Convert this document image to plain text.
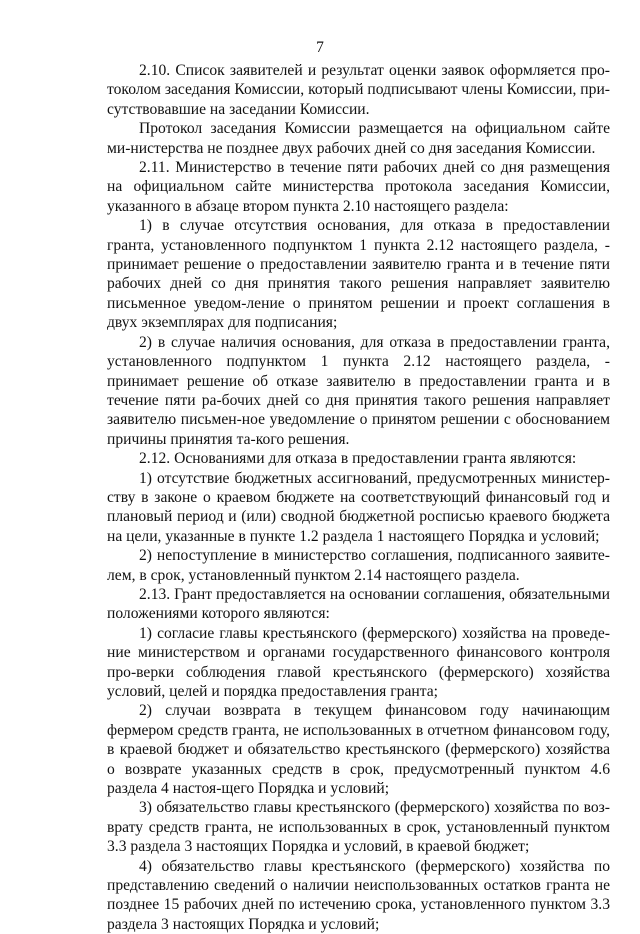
7

2.10. Список заявителей и результат оценки заявок оформляется про-токолом заседания Комиссии, который подписывают члены Комиссии, при-сутствовавшие на заседании Комиссии.

Протокол заседания Комиссии размещается на официальном сайте ми-нистерства не позднее двух рабочих дней со дня заседания Комиссии.

2.11. Министерство в течение пяти рабочих дней со дня размещения на официальном сайте министерства протокола заседания Комиссии, указанного в абзаце втором пункта 2.10 настоящего раздела:

1) в случае отсутствия основания, для отказа в предоставлении гранта, установленного подпунктом 1 пункта 2.12 настоящего раздела, - принимает решение о предоставлении заявителю гранта и в течение пяти рабочих дней со дня принятия такого решения направляет заявителю письменное уведом-ление о принятом решении и проект соглашения в двух экземплярах для подписания;

2) в случае наличия основания, для отказа в предоставлении гранта, установленного подпунктом 1 пункта 2.12 настоящего раздела, - принимает решение об отказе заявителю в предоставлении гранта и в течение пяти ра-бочих дней со дня принятия такого решения направляет заявителю письмен-ное уведомление о принятом решении с обоснованием причины принятия та-кого решения.

2.12. Основаниями для отказа в предоставлении гранта являются:

1) отсутствие бюджетных ассигнований, предусмотренных министер-ству в законе о краевом бюджете на соответствующий финансовый год и плановый период и (или) сводной бюджетной росписью краевого бюджета на цели, указанные в пункте 1.2 раздела 1 настоящего Порядка и условий;

2) непоступление в министерство соглашения, подписанного заявите-лем, в срок, установленный пунктом 2.14 настоящего раздела.

2.13. Грант предоставляется на основании соглашения, обязательными положениями которого являются:

1) согласие главы крестьянского (фермерского) хозяйства на проведе-ние министерством и органами государственного финансового контроля про-верки соблюдения главой крестьянского (фермерского) хозяйства условий, целей и порядка предоставления гранта;

2) случаи возврата в текущем финансовом году начинающим фермером средств гранта, не использованных в отчетном финансовом году, в краевой бюджет и обязательство крестьянского (фермерского) хозяйства о возврате указанных средств в срок, предусмотренный пунктом 4.6 раздела 4 настоя-щего Порядка и условий;

3) обязательство главы крестьянского (фермерского) хозяйства по воз-врату средств гранта, не использованных в срок, установленный пунктом 3.3 раздела 3 настоящих Порядка и условий, в краевой бюджет;

4) обязательство главы крестьянского (фермерского) хозяйства по представлению сведений о наличии неиспользованных остатков гранта не позднее 15 рабочих дней по истечению срока, установленного пунктом 3.3 раздела 3 настоящих Порядка и условий;
